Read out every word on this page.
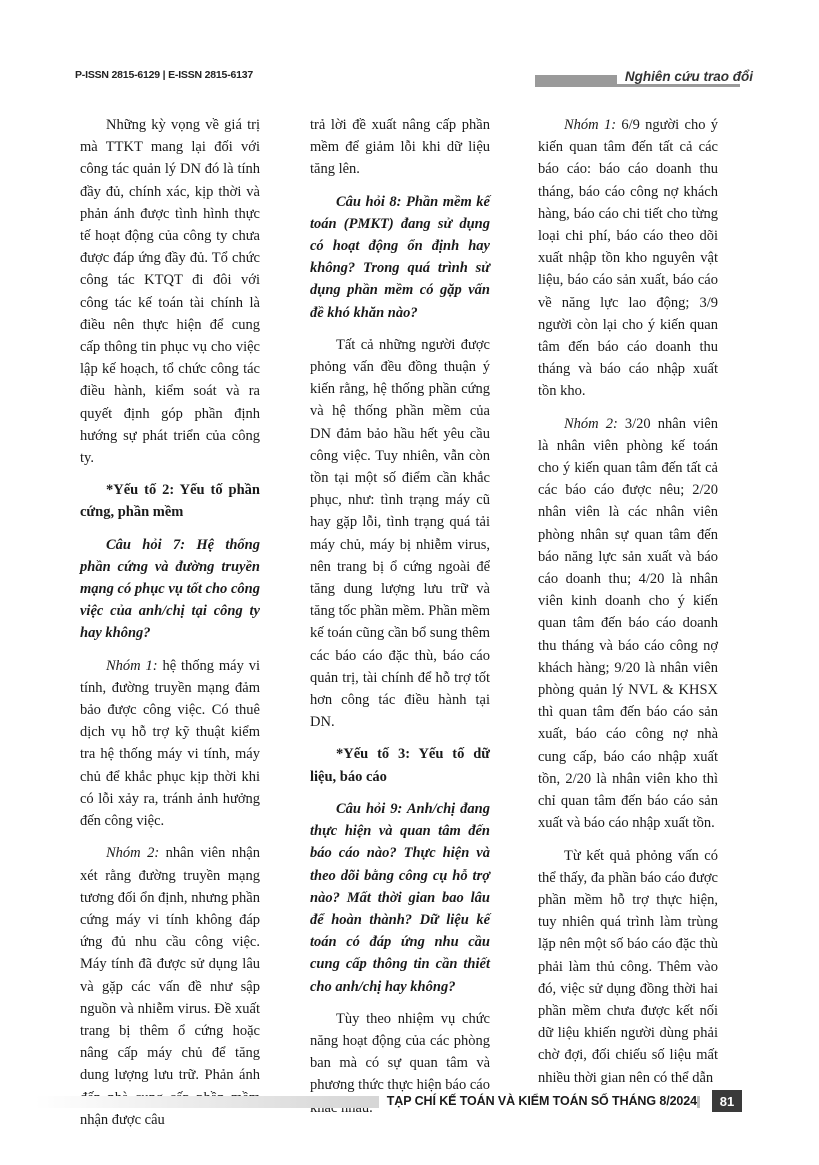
P-ISSN 2815-6129 | E-ISSN 2815-6137	Nghiên cứu trao đổi

Những kỳ vọng về giá trị mà TTKT mang lại đối với công tác quản lý DN đó là tính đầy đủ, chính xác, kịp thời và phản ánh được tình hình thực tế hoạt động của công ty chưa được đáp ứng đầy đủ. Tổ chức công tác KTQT đi đôi với công tác kế toán tài chính là điều nên thực hiện để cung cấp thông tin phục vụ cho việc lập kế hoạch, tổ chức công tác điều hành, kiểm soát và ra quyết định góp phần định hướng sự phát triển của công ty.

*Yếu tố 2: Yếu tố phần cứng, phần mềm

Câu hỏi 7: Hệ thống phần cứng và đường truyền mạng có phục vụ tốt cho công việc của anh/chị tại công ty hay không?

Nhóm 1: hệ thống máy vi tính, đường truyền mạng đảm bảo được công việc. Có thuê dịch vụ hỗ trợ kỹ thuật kiểm tra hệ thống máy vi tính, máy chủ để khắc phục kịp thời khi có lỗi xảy ra, tránh ảnh hưởng đến công việc.

Nhóm 2: nhân viên nhận xét rằng đường truyền mạng tương đối ổn định, nhưng phần cứng máy vi tính không đáp ứng đủ nhu cầu công việc. Máy tính đã được sử dụng lâu và gặp các vấn đề như sập nguồn và nhiễm virus. Đề xuất trang bị thêm ổ cứng hoặc nâng cấp máy chủ để tăng dung lượng lưu trữ. Phản ánh nhận được câu

trả lời đề xuất nâng cấp phần mềm để giảm lỗi khi dữ liệu tăng lên.

Câu hỏi 8: Phần mềm kế toán (PMKT) đang sử dụng có hoạt động ổn định hay không? Trong quá trình sử dụng phần mềm có gặp vấn đề khó khăn nào?

Tất cả những người được phỏng vấn đều đồng thuận ý kiến rằng, hệ thống phần cứng và hệ thống phần mềm của DN đảm bảo hầu hết yêu cầu công việc. Tuy nhiên, vẫn còn tồn tại một số điểm cần khắc phục, như: tình trạng máy cũ hay gặp lỗi, tình trạng quá tải máy chủ, máy bị nhiễm virus, nên trang bị ổ cứng ngoài để tăng dung lượng lưu trữ và tăng tốc phần mềm. Phần mềm kế toán cũng cần bổ sung thêm các báo cáo đặc thù, báo cáo quản trị, tài chính để hỗ trợ tốt hơn công tác điều hành tại DN.

*Yếu tố 3: Yếu tố dữ liệu, báo cáo

Câu hỏi 9: Anh/chị đang thực hiện và quan tâm đến báo cáo nào? Thực hiện và theo dõi bằng công cụ hỗ trợ nào? Mất thời gian bao lâu để hoàn thành? Dữ liệu kế toán có đáp ứng nhu cầu cung cấp thông tin cần thiết cho anh/chị hay không?

Tùy theo nhiệm vụ chức năng hoạt động của các phòng ban mà có sự quan tâm và phương thức thực hiện báo cáo

Nhóm 1: 6/9 người cho ý kiến quan tâm đến tất cả các báo cáo: báo cáo doanh thu tháng, báo cáo công nợ khách hàng, báo cáo chi tiết cho từng loại chi phí, báo cáo theo dõi xuất nhập tồn kho nguyên vật liệu, báo cáo sản xuất, báo cáo về năng lực lao động; 3/9 người còn lại cho ý kiến quan tâm đến báo cáo doanh thu tháng và báo cáo nhập xuất tồn kho.

Nhóm 2: 3/20 nhân viên là nhân viên phòng kế toán cho ý kiến quan tâm đến tất cả các báo cáo được nêu; 2/20 nhân viên là các nhân viên phòng nhân sự quan tâm đến báo năng lực sản xuất và báo cáo doanh thu; 4/20 là nhân viên kinh doanh cho ý kiến quan tâm đến báo cáo doanh thu tháng và báo cáo công nợ khách hàng; 9/20 là nhân viên phòng quản lý NVL & KHSX thì quan tâm đến báo cáo sản xuất, báo cáo công nợ nhà cung cấp, báo cáo nhập xuất tồn, 2/20 là nhân viên kho thì chỉ quan tâm đến báo cáo sản xuất và báo cáo nhập xuất tồn.

Từ kết quả phỏng vấn có thể thấy, đa phần báo cáo được phần mềm hỗ trợ thực hiện, tuy nhiên quá trình làm trùng lặp nên một số báo cáo đặc thù phải làm thủ công. Thêm vào đó, việc sử dụng đồng thời hai phần mềm chưa được kết nối dữ liệu khiến người dùng phải chờ đợi, đối chiếu số liệu mất nhiều thời gian nên có thể dẫn

TẠP CHÍ KẾ TOÁN VÀ KIỂM TOÁN SỐ THÁNG 8/2024	81
